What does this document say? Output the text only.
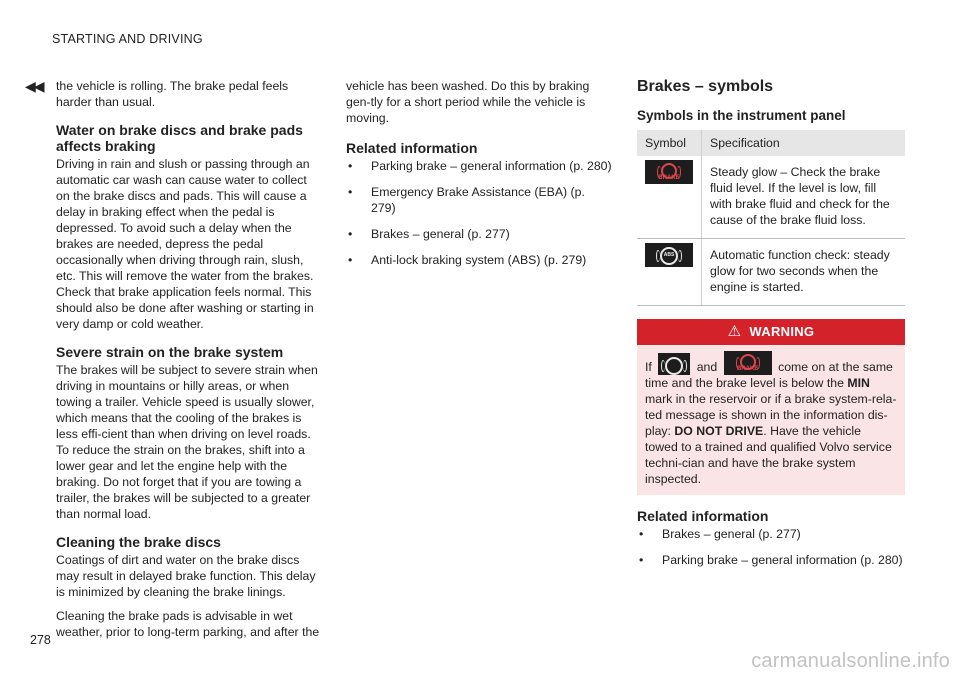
STARTING AND DRIVING
◀◀
278
carmanualsonline.info

the vehicle is rolling. The brake pedal feels harder than usual.

Water on brake discs and brake pads affects braking

Driving in rain and slush or passing through an automatic car wash can cause water to collect on the brake discs and pads. This will cause a delay in braking effect when the pedal is depressed. To avoid such a delay when the brakes are needed, depress the pedal occasionally when driving through rain, slush, etc. This will remove the water from the brakes. Check that brake application feels normal. This should also be done after washing or starting in very damp or cold weather.

Severe strain on the brake system

The brakes will be subject to severe strain when driving in mountains or hilly areas, or when towing a trailer. Vehicle speed is usually slower, which means that the cooling of the brakes is less effi-cient than when driving on level roads. To reduce the strain on the brakes, shift into a lower gear and let the engine help with the braking. Do not forget that if you are towing a trailer, the brakes will be subjected to a greater than normal load.

Cleaning the brake discs

Coatings of dirt and water on the brake discs may result in delayed brake function. This delay is minimized by cleaning the brake linings.

Cleaning the brake pads is advisable in wet weather, prior to long-term parking, and after the

vehicle has been washed. Do this by braking gen-tly for a short period while the vehicle is moving.

Related information
• Parking brake – general information (p. 280)
• Emergency Brake Assistance (EBA) (p. 279)
• Brakes – general (p. 277)
• Anti-lock braking system (ABS) (p. 279)
Brakes – symbols
Symbols in the instrument panel
Symbol	Specification

BRAKE	Steady glow – Check the brake fluid level. If the level is low, fill with brake fluid and check for the cause of the brake fluid loss.

ABS	Automatic function check: steady glow for two seconds when the engine is started.
⚠ WARNING
If	and	BRAKE	come on at the same time and the brake level is below the MIN mark in the reservoir or if a brake system-rela-ted message is shown in the information dis-play: DO NOT DRIVE. Have the vehicle towed to a trained and qualified Volvo service techni-cian and have the brake system inspected.
Related information
• Brakes – general (p. 277)
• Parking brake – general information (p. 280)
